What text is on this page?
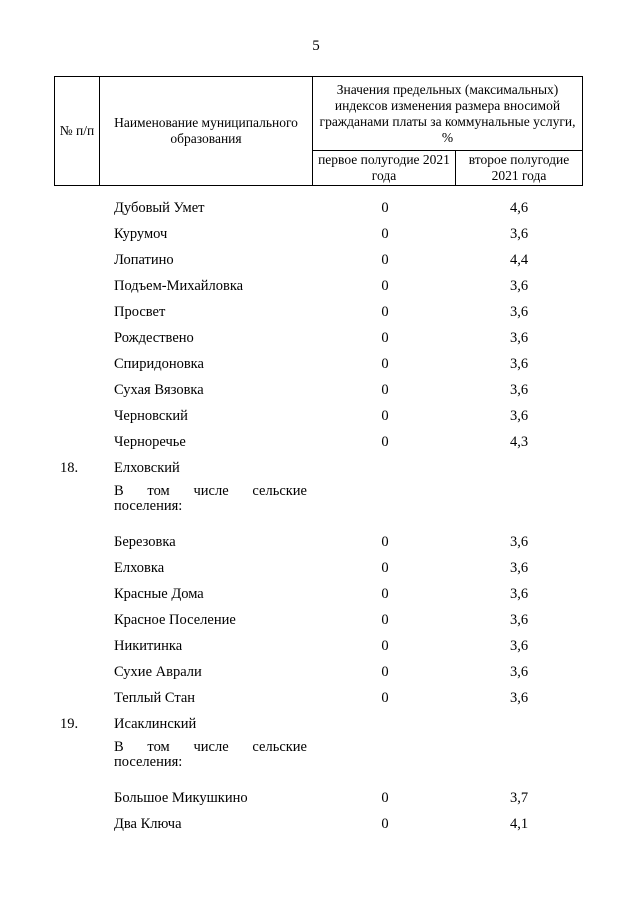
5
№ п/п	Наименование муниципального образования	Значения предельных (максимальных) индексов изменения размера вносимой гражданами платы за коммунальные услуги, %	
		первое полугодие 2021 года	второе полугодие 2021 года
Дубовый Умет	0	4,6
Курумоч	0	3,6
Лопатино	0	4,4
Подъем-Михайловка	0	3,6
Просвет	0	3,6
Рождествено	0	3,6
Спиридоновка	0	3,6
Сухая Вязовка	0	3,6
Черновский	0	3,6
Черноречье	0	4,3
18. Елховский
В том числе сельские поселения:
Березовка	0	3,6
Елховка	0	3,6
Красные Дома	0	3,6
Красное Поселение	0	3,6
Никитинка	0	3,6
Сухие Аврали	0	3,6
Теплый Стан	0	3,6
19. Исаклинский
В том числе сельские поселения:
Большое Микушкино	0	3,7
Два Ключа	0	4,1
